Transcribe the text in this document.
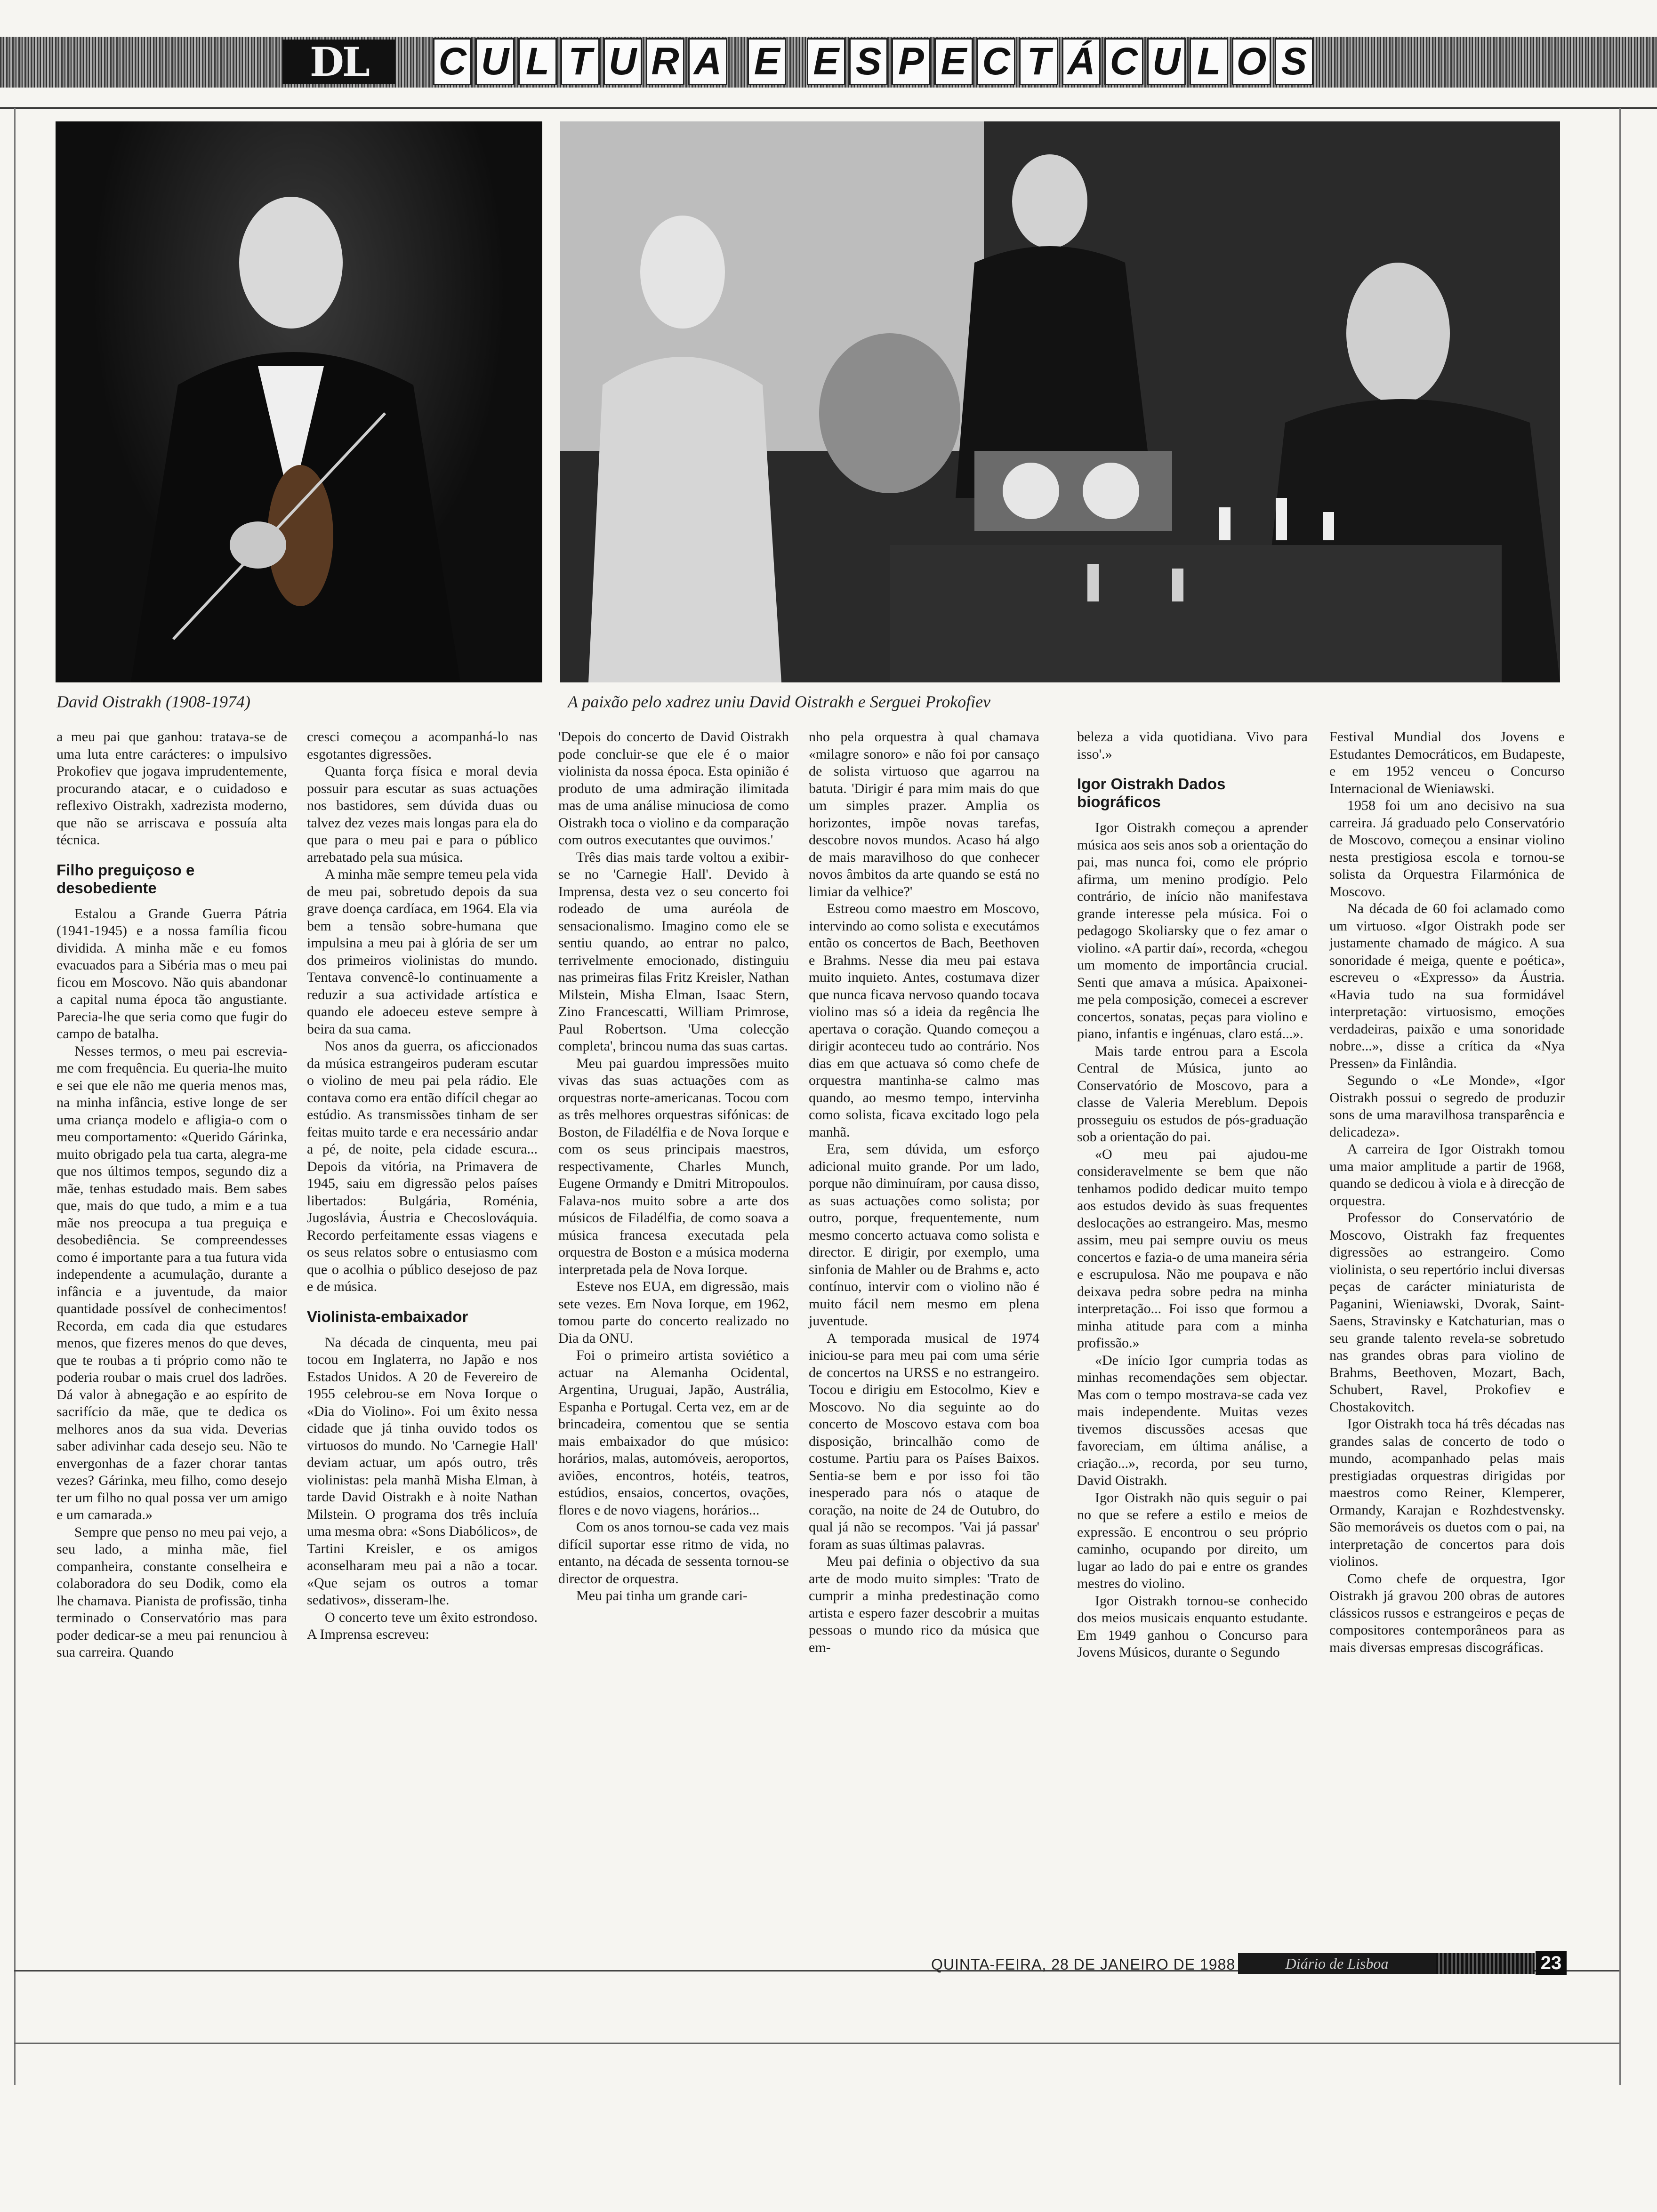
DL	C U L T U R A E E S P E C T Á C U L O S
David Oistrakh (1908-1974)	A paixão pelo xadrez uniu David Oistrakh e Serguei Prokofiev

a meu pai que ganhou: tratava-se de uma luta entre carácteres: o impulsivo Prokofiev que jogava imprudentemente, procurando atacar, e o cuidadoso e reflexivo Oistrakh, xadrezista moderno, que não se arriscava e possuía alta técnica.

Filho preguiçoso e desobediente

Estalou a Grande Guerra Pátria (1941-1945) e a nossa família ficou dividida. A minha mãe e eu fomos evacuados para a Sibéria mas o meu pai ficou em Moscovo. Não quis abandonar a capital numa época tão angustiante. Parecia-lhe que seria como que fugir do campo de batalha.

Nesses termos, o meu pai escrevia-me com frequência. Eu queria-lhe muito e sei que ele não me queria menos mas, na minha infância, estive longe de ser uma criança modelo e afligia-o com o meu comportamento: «Querido Gárinka, muito obrigado pela tua carta, alegra-me que nos últimos tempos, segundo diz a mãe, tenhas estudado mais. Bem sabes que, mais do que tudo, a mim e a tua mãe nos preocupa a tua preguiça e desobediência. Se compreendesses como é importante para a tua futura vida independente a acumulação, durante a infância e a juventude, da maior quantidade possível de conhecimentos! Recorda, em cada dia que estudares menos, que fizeres menos do que deves, que te roubas a ti próprio como não te poderia roubar o mais cruel dos ladrões. Dá valor à abnegação e ao espírito de sacrifício da mãe, que te dedica os melhores anos da sua vida. Deverias saber adivinhar cada desejo seu. Não te envergonhas de a fazer chorar tantas vezes? Gárinka, meu filho, como desejo ter um filho no qual possa ver um amigo e um camarada.»

Sempre que penso no meu pai vejo, a seu lado, a minha mãe, fiel companheira, constante conselheira e colaboradora do seu Dodik, como ela lhe chamava. Pianista de profissão, tinha terminado o Conservatório mas para poder dedicar-se a meu pai renunciou à sua carreira. Quando

cresci começou a acompanhá-lo nas esgotantes digressões.

Quanta força física e moral devia possuir para escutar as suas actuações nos bastidores, sem dúvida duas ou talvez dez vezes mais longas para ela do que para o meu pai e para o público arrebatado pela sua música.

A minha mãe sempre temeu pela vida de meu pai, sobretudo depois da sua grave doença cardíaca, em 1964. Ela via bem a tensão sobre-humana que impulsina a meu pai à glória de ser um dos primeiros violinistas do mundo. Tentava convencê-lo continuamente a reduzir a sua actividade artística e quando ele adoeceu esteve sempre à beira da sua cama.

Nos anos da guerra, os aficcionados da música estrangeiros puderam escutar o violino de meu pai pela rádio. Ele contava como era então difícil chegar ao estúdio. As transmissões tinham de ser feitas muito tarde e era necessário andar a pé, de noite, pela cidade escura... Depois da vitória, na Primavera de 1945, saiu em digressão pelos países libertados: Bulgária, Roménia, Jugoslávia, Áustria e Checoslováquia. Recordo perfeitamente essas viagens e os seus relatos sobre o entusiasmo com que o acolhia o público desejoso de paz e de música.

Violinista-embaixador

Na década de cinquenta, meu pai tocou em Inglaterra, no Japão e nos Estados Unidos. A 20 de Fevereiro de 1955 celebrou-se em Nova Iorque o «Dia do Violino». Foi um êxito nessa cidade que já tinha ouvido todos os virtuosos do mundo. No 'Carnegie Hall' deviam actuar, um após outro, três violinistas: pela manhã Misha Elman, à tarde David Oistrakh e à noite Nathan Milstein. O programa dos três incluía uma mesma obra: «Sons Diabólicos», de Tartini Kreisler, e os amigos aconselharam meu pai a não a tocar. «Que sejam os outros a tomar sedativos», disseram-lhe.

O concerto teve um êxito estrondoso. A Imprensa escreveu:

'Depois do concerto de David Oistrakh pode concluir-se que ele é o maior violinista da nossa época. Esta opinião é produto de uma admiração ilimitada mas de uma análise minuciosa de como Oistrakh toca o violino e da comparação com outros executantes que ouvimos.'

Três dias mais tarde voltou a exibir-se no 'Carnegie Hall'. Devido à Imprensa, desta vez o seu concerto foi rodeado de uma auréola de sensacionalismo. Imagino como ele se sentiu quando, ao entrar no palco, terrivelmente emocionado, distinguiu nas primeiras filas Fritz Kreisler, Nathan Milstein, Misha Elman, Isaac Stern, Zino Francescatti, William Primrose, Paul Robertson. 'Uma colecção completa', brincou numa das suas cartas.

Meu pai guardou impressões muito vivas das suas actuações com as orquestras norte-americanas. Tocou com as três melhores orquestras sifónicas: de Boston, de Filadélfia e de Nova Iorque e com os seus principais maestros, respectivamente, Charles Munch, Eugene Ormandy e Dmitri Mitropoulos. Falava-nos muito sobre a arte dos músicos de Filadélfia, de como soava a música francesa executada pela orquestra de Boston e a música moderna interpretada pela de Nova Iorque.

Esteve nos EUA, em digressão, mais sete vezes. Em Nova Iorque, em 1962, tomou parte do concerto realizado no Dia da ONU.

Foi o primeiro artista soviético a actuar na Alemanha Ocidental, Argentina, Uruguai, Japão, Austrália, Espanha e Portugal. Certa vez, em ar de brincadeira, comentou que se sentia mais embaixador do que músico: horários, malas, automóveis, aeroportos, aviões, encontros, hotéis, teatros, estúdios, ensaios, concertos, ovações, flores e de novo viagens, horários...

Com os anos tornou-se cada vez mais difícil suportar esse ritmo de vida, no entanto, na década de sessenta tornou-se director de orquestra.

Meu pai tinha um grande cari-

nho pela orquestra à qual chamava «milagre sonoro» e não foi por cansaço de solista virtuoso que agarrou na batuta. 'Dirigir é para mim mais do que um simples prazer. Amplia os horizontes, impõe novas tarefas, descobre novos mundos. Acaso há algo de mais maravilhoso do que conhecer novos âmbitos da arte quando se está no limiar da velhice?'

Estreou como maestro em Moscovo, intervindo ao como solista e executámos então os concertos de Bach, Beethoven e Brahms. Nesse dia meu pai estava muito inquieto. Antes, costumava dizer que nunca ficava nervoso quando tocava violino mas só a ideia da regência lhe apertava o coração. Quando começou a dirigir aconteceu tudo ao contrário. Nos dias em que actuava só como chefe de orquestra mantinha-se calmo mas quando, ao mesmo tempo, intervinha como solista, ficava excitado logo pela manhã.

Era, sem dúvida, um esforço adicional muito grande. Por um lado, porque não diminuíram, por causa disso, as suas actuações como solista; por outro, porque, frequentemente, num mesmo concerto actuava como solista e director. E dirigir, por exemplo, uma sinfonia de Mahler ou de Brahms e, acto contínuo, intervir com o violino não é muito fácil nem mesmo em plena juventude.

A temporada musical de 1974 iniciou-se para meu pai com uma série de concertos na URSS e no estrangeiro. Tocou e dirigiu em Estocolmo, Kiev e Moscovo. No dia seguinte ao do concerto de Moscovo estava com boa disposição, brincalhão como de costume. Partiu para os Países Baixos. Sentia-se bem e por isso foi tão inesperado para nós o ataque de coração, na noite de 24 de Outubro, do qual já não se recompos. 'Vai já passar' foram as suas últimas palavras.

Meu pai definia o objectivo da sua arte de modo muito simples: 'Trato de cumprir a minha predestinação como artista e espero fazer descobrir a muitas pessoas o mundo rico da música que em-

beleza a vida quotidiana. Vivo para isso'.»

Igor Oistrakh Dados biográficos

Igor Oistrakh começou a aprender música aos seis anos sob a orientação do pai, mas nunca foi, como ele próprio afirma, um menino prodígio. Pelo contrário, de início não manifestava grande interesse pela música. Foi o pedagogo Skoliarsky que o fez amar o violino. «A partir daí», recorda, «chegou um momento de importância crucial. Senti que amava a música. Apaixonei-me pela composição, comecei a escrever concertos, sonatas, peças para violino e piano, infantis e ingénuas, claro está...».

Mais tarde entrou para a Escola Central de Música, junto ao Conservatório de Moscovo, para a classe de Valeria Mereblum. Depois prosseguiu os estudos de pós-graduação sob a orientação do pai.

«O meu pai ajudou-me consideravelmente se bem que não tenhamos podido dedicar muito tempo aos estudos devido às suas frequentes deslocações ao estrangeiro. Mas, mesmo assim, meu pai sempre ouviu os meus concertos e fazia-o de uma maneira séria e escrupulosa. Não me poupava e não deixava pedra sobre pedra na minha interpretação... Foi isso que formou a minha atitude para com a minha profissão.»

«De início Igor cumpria todas as minhas recomendações sem objectar. Mas com o tempo mostrava-se cada vez mais independente. Muitas vezes tivemos discussões acesas que favoreciam, em última análise, a criação...», recorda, por seu turno, David Oistrakh.

Igor Oistrakh não quis seguir o pai no que se refere a estilo e meios de expressão. E encontrou o seu próprio caminho, ocupando por direito, um lugar ao lado do pai e entre os grandes mestres do violino.

Igor Oistrakh tornou-se conhecido dos meios musicais enquanto estudante. Em 1949 ganhou o Concurso para Jovens Músicos, durante o Segundo

Festival Mundial dos Jovens e Estudantes Democráticos, em Budapeste, e em 1952 venceu o Concurso Internacional de Wieniawski.

1958 foi um ano decisivo na sua carreira. Já graduado pelo Conservatório de Moscovo, começou a ensinar violino nesta prestigiosa escola e tornou-se solista da Orquestra Filarmónica de Moscovo.

Na década de 60 foi aclamado como um virtuoso. «Igor Oistrakh pode ser justamente chamado de mágico. A sua sonoridade é meiga, quente e poética», escreveu o «Expresso» da Áustria. «Havia tudo na sua formidável interpretação: virtuosismo, emoções verdadeiras, paixão e uma sonoridade nobre...», disse a crítica da «Nya Pressen» da Finlândia.

Segundo o «Le Monde», «Igor Oistrakh possui o segredo de produzir sons de uma maravilhosa transparência e delicadeza».

A carreira de Igor Oistrakh tomou uma maior amplitude a partir de 1968, quando se dedicou à viola e à direcção de orquestra.

Professor do Conservatório de Moscovo, Oistrakh faz frequentes digressões ao estrangeiro. Como violinista, o seu repertório inclui diversas peças de carácter miniaturista de Paganini, Wieniawski, Dvorak, Saint-Saens, Stravinsky e Katchaturian, mas o seu grande talento revela-se sobretudo nas grandes obras para violino de Brahms, Beethoven, Mozart, Bach, Schubert, Ravel, Prokofiev e Chostakovitch.

Igor Oistrakh toca há três décadas nas grandes salas de concerto de todo o mundo, acompanhado pelas mais prestigiadas orquestras dirigidas por maestros como Reiner, Klemperer, Ormandy, Karajan e Rozhdestvensky. São memoráveis os duetos com o pai, na interpretação de concertos para dois violinos.

Como chefe de orquestra, Igor Oistrakh já gravou 200 obras de autores clássicos russos e estrangeiros e peças de compositores contemporâneos para as mais diversas empresas discográficas.

QUINTA-FEIRA, 28 DE JANEIRO DE 1988	Diário de Lisboa	23
